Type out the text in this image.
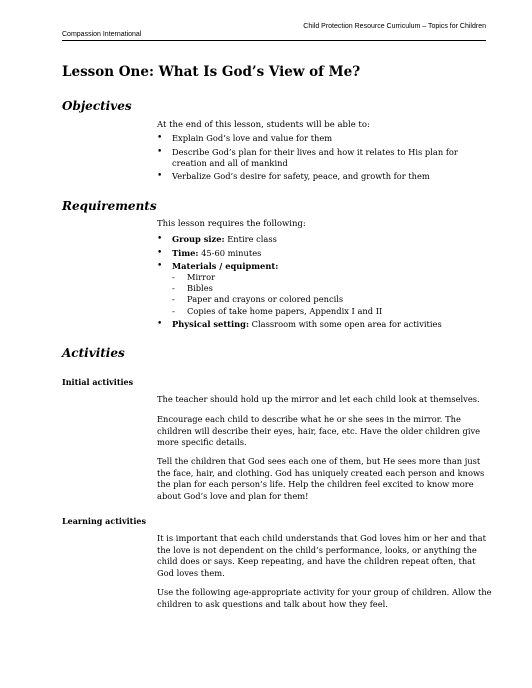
Child Protection Resource Curriculum – Topics for Children
Compassion International
Lesson One: What Is God’s View of Me?
Objectives
At the end of this lesson, students will be able to:
• Explain God’s love and value for them
• Describe God’s plan for their lives and how it relates to His plan for creation and all of mankind
• Verbalize God’s desire for safety, peace, and growth for them
Requirements
This lesson requires the following:
• Group size: Entire class
• Time: 45-60 minutes
• Materials / equipment:
- Mirror
- Bibles
- Paper and crayons or colored pencils
- Copies of take home papers, Appendix I and II
• Physical setting: Classroom with some open area for activities
Activities
Initial activities
The teacher should hold up the mirror and let each child look at themselves.
Encourage each child to describe what he or she sees in the mirror. The children will describe their eyes, hair, face, etc. Have the older children give more specific details.
Tell the children that God sees each one of them, but He sees more than just the face, hair, and clothing. God has uniquely created each person and knows the plan for each person’s life. Help the children feel excited to know more about God’s love and plan for them!
Learning activities
It is important that each child understands that God loves him or her and that the love is not dependent on the child’s performance, looks, or anything the child does or says. Keep repeating, and have the children repeat often, that God loves them.
Use the following age-appropriate activity for your group of children. Allow the children to ask questions and talk about how they feel.
